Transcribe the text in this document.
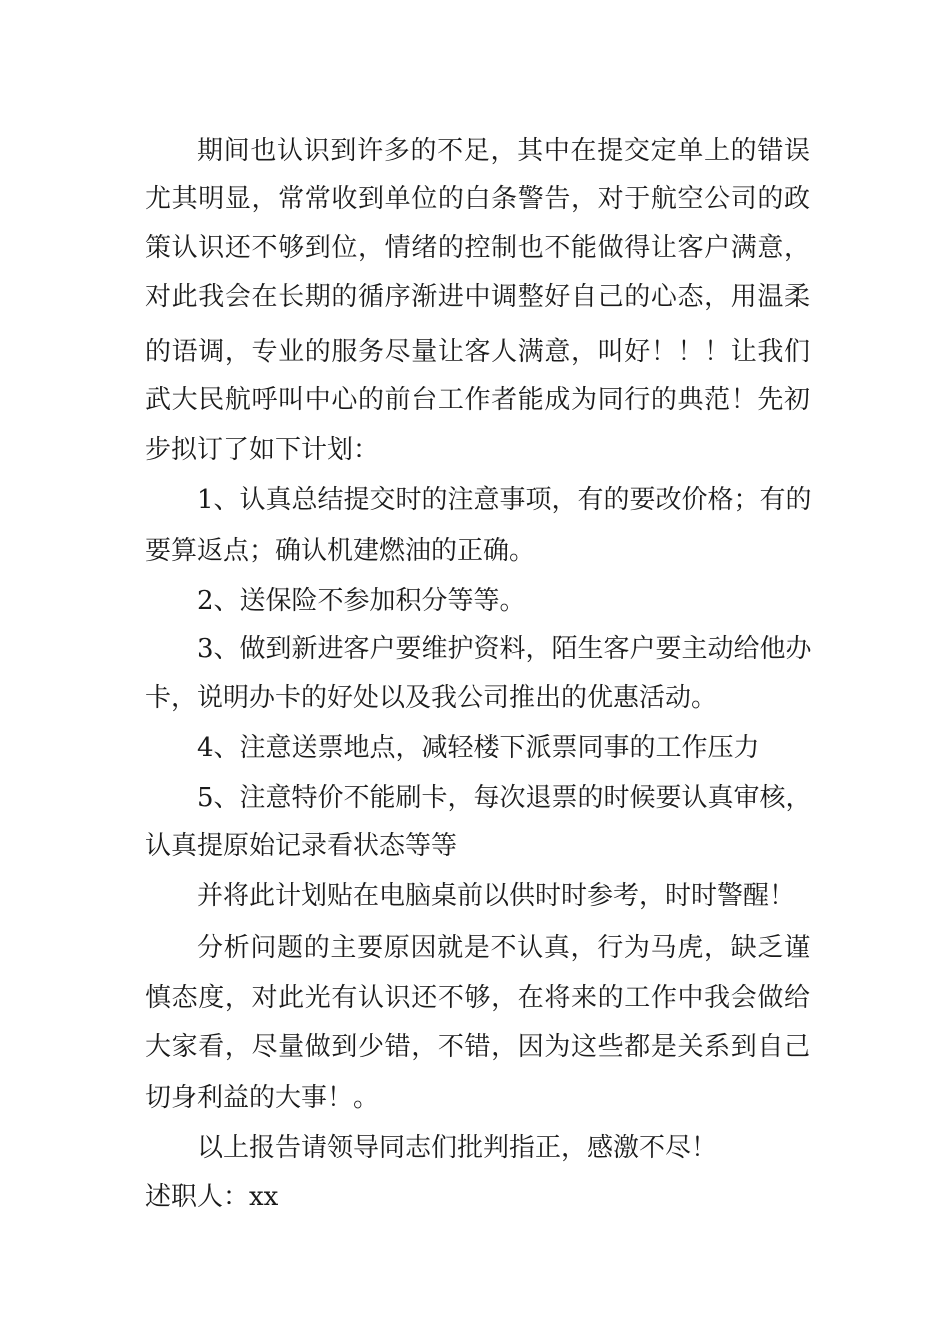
期间也认识到许多的不足，其中在提交定单上的错误
尤其明显，常常收到单位的白条警告，对于航空公司的政
策认识还不够到位，情绪的控制也不能做得让客户满意，
对此我会在长期的循序渐进中调整好自己的心态，用温柔
的语调，专业的服务尽量让客人满意，叫好！！！让我们
武大民航呼叫中心的前台工作者能成为同行的典范！先初
步拟订了如下计划：
1、认真总结提交时的注意事项，有的要改价格；有的
要算返点；确认机建燃油的正确。
2、送保险不参加积分等等。
3、做到新进客户要维护资料，陌生客户要主动给他办
卡，说明办卡的好处以及我公司推出的优惠活动。
4、注意送票地点，减轻楼下派票同事的工作压力
5、注意特价不能刷卡，每次退票的时候要认真审核，
认真提原始记录看状态等等
并将此计划贴在电脑桌前以供时时参考，时时警醒！
分析问题的主要原因就是不认真，行为马虎，缺乏谨
慎态度，对此光有认识还不够，在将来的工作中我会做给
大家看，尽量做到少错，不错，因为这些都是关系到自己
切身利益的大事！。
以上报告请领导同志们批判指正，感激不尽！
述职人：xx
